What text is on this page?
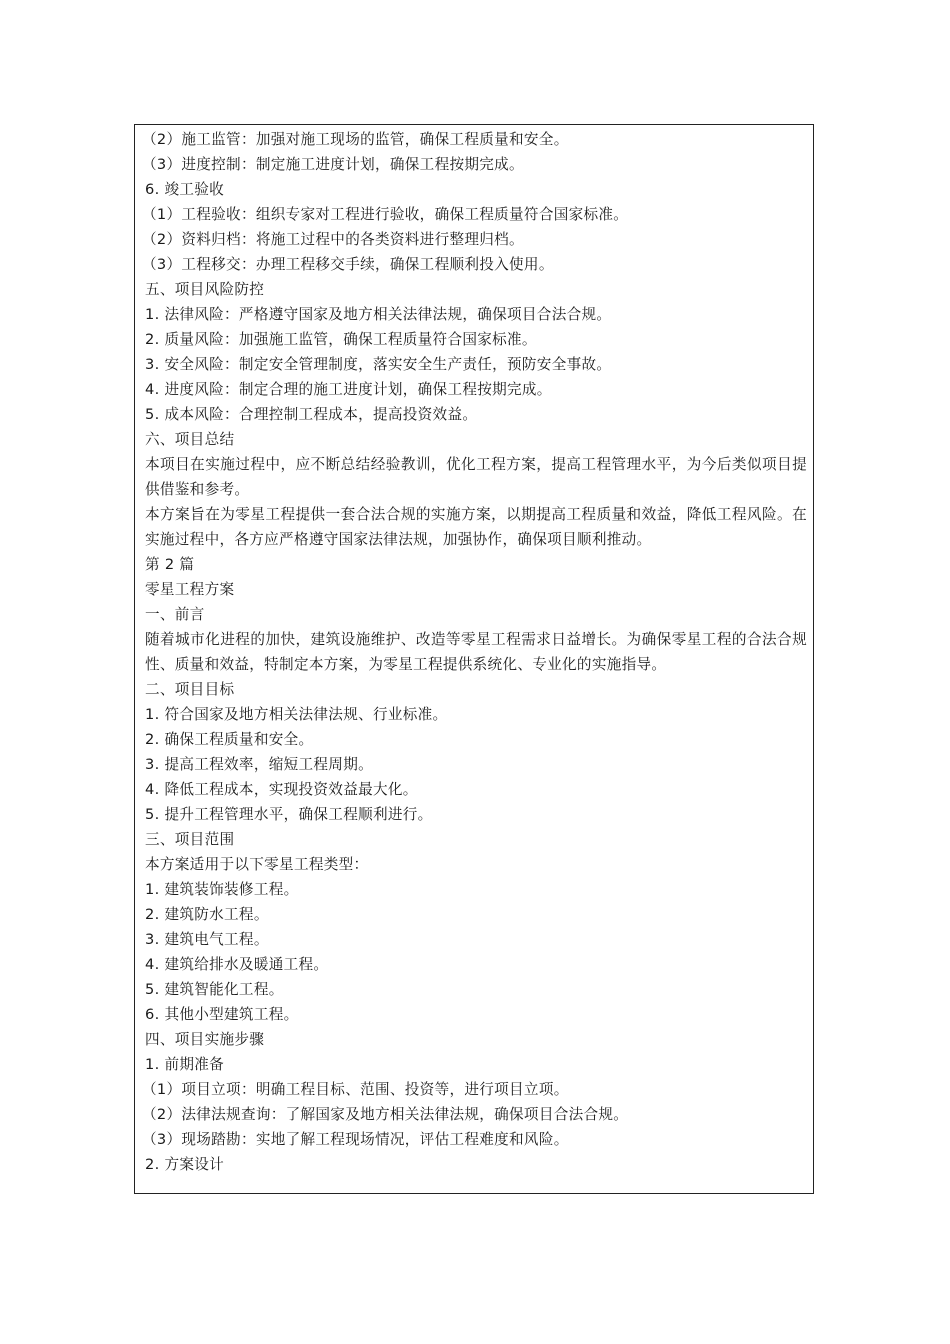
（2）施工监管：加强对施工现场的监管，确保工程质量和安全。
（3）进度控制：制定施工进度计划，确保工程按期完成。
6. 竣工验收
（1）工程验收：组织专家对工程进行验收，确保工程质量符合国家标准。
（2）资料归档：将施工过程中的各类资料进行整理归档。
（3）工程移交：办理工程移交手续，确保工程顺利投入使用。
五、项目风险防控
1. 法律风险：严格遵守国家及地方相关法律法规，确保项目合法合规。
2. 质量风险：加强施工监管，确保工程质量符合国家标准。
3. 安全风险：制定安全管理制度，落实安全生产责任，预防安全事故。
4. 进度风险：制定合理的施工进度计划，确保工程按期完成。
5. 成本风险：合理控制工程成本，提高投资效益。
六、项目总结
本项目在实施过程中，应不断总结经验教训，优化工程方案，提高工程管理水平，为今后类似项目提供借鉴和参考。
本方案旨在为零星工程提供一套合法合规的实施方案，以期提高工程质量和效益，降低工程风险。在实施过程中，各方应严格遵守国家法律法规，加强协作，确保项目顺利推动。
第 2 篇
零星工程方案
一、前言
随着城市化进程的加快，建筑设施维护、改造等零星工程需求日益增长。为确保零星工程的合法合规性、质量和效益，特制定本方案，为零星工程提供系统化、专业化的实施指导。
二、项目目标
1. 符合国家及地方相关法律法规、行业标准。
2. 确保工程质量和安全。
3. 提高工程效率，缩短工程周期。
4. 降低工程成本，实现投资效益最大化。
5. 提升工程管理水平，确保工程顺利进行。
三、项目范围
本方案适用于以下零星工程类型：
1. 建筑装饰装修工程。
2. 建筑防水工程。
3. 建筑电气工程。
4. 建筑给排水及暖通工程。
5. 建筑智能化工程。
6. 其他小型建筑工程。
四、项目实施步骤
1. 前期准备
（1）项目立项：明确工程目标、范围、投资等，进行项目立项。
（2）法律法规查询：了解国家及地方相关法律法规，确保项目合法合规。
（3）现场踏勘：实地了解工程现场情况，评估工程难度和风险。
2. 方案设计
